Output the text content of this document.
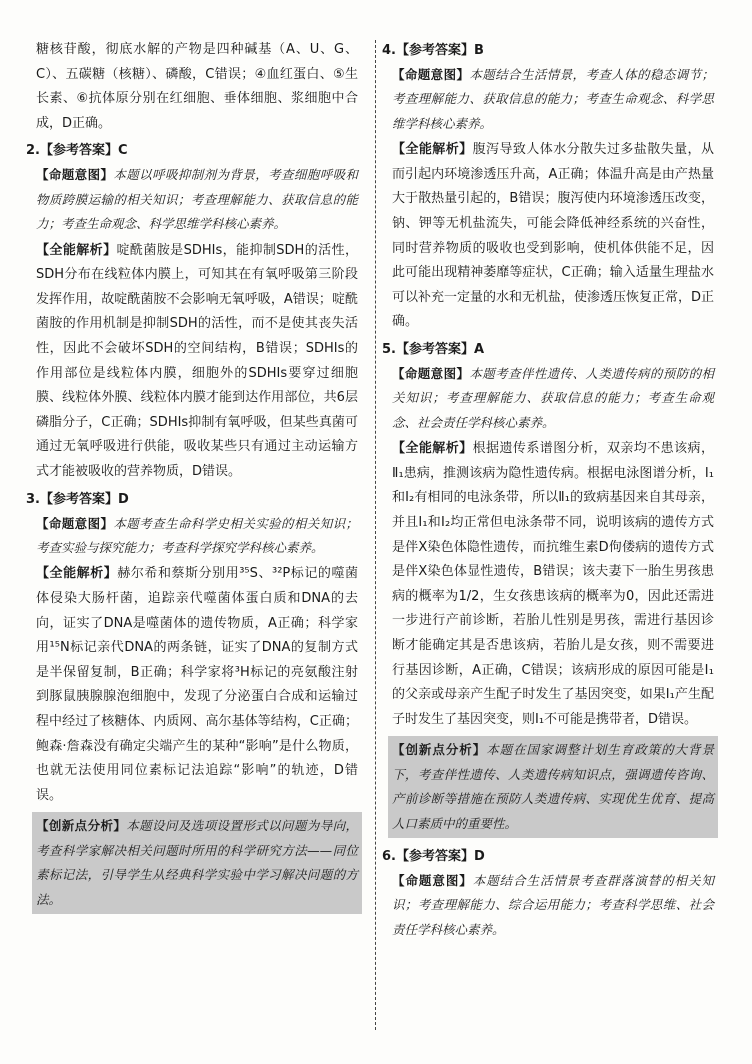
糖核苷酸，彻底水解的产物是四种碱基（A、U、G、C）、五碳糖（核糖）、磷酸，C错误；④血红蛋白、⑤生长素、⑥抗体原分别在红细胞、垂体细胞、浆细胞中合成，D正确。

2.【参考答案】C

【命题意图】本题以呼吸抑制剂为背景，考查细胞呼吸和物质跨膜运输的相关知识；考查理解能力、获取信息的能力；考查生命观念、科学思维学科核心素养。

【全能解析】啶酰菌胺是SDHIs，能抑制SDH的活性，SDH分布在线粒体内膜上，可知其在有氧呼吸第三阶段发挥作用，故啶酰菌胺不会影响无氧呼吸，A错误；啶酰菌胺的作用机制是抑制SDH的活性，而不是使其丧失活性，因此不会破坏SDH的空间结构，B错误；SDHIs的作用部位是线粒体内膜，细胞外的SDHIs要穿过细胞膜、线粒体外膜、线粒体内膜才能到达作用部位，共6层磷脂分子，C正确；SDHIs抑制有氧呼吸，但某些真菌可通过无氧呼吸进行供能，吸收某些只有通过主动运输方式才能被吸收的营养物质，D错误。

3.【参考答案】D

【命题意图】本题考查生命科学史相关实验的相关知识；考查实验与探究能力；考查科学探究学科核心素养。

【全能解析】赫尔希和蔡斯分别用³⁵S、³²P标记的噬菌体侵染大肠杆菌，追踪亲代噬菌体蛋白质和DNA的去向，证实了DNA是噬菌体的遗传物质，A正确；科学家用¹⁵N标记亲代DNA的两条链，证实了DNA的复制方式是半保留复制，B正确；科学家将³H标记的亮氨酸注射到豚鼠胰腺腺泡细胞中，发现了分泌蛋白合成和运输过程中经过了核糖体、内质网、高尔基体等结构，C正确；鲍森·詹森没有确定尖端产生的某种“影响”是什么物质，也就无法使用同位素标记法追踪“影响”的轨迹，D错误。

【创新点分析】本题设问及选项设置形式以问题为导向，考查科学家解决相关问题时所用的科学研究方法——同位素标记法，引导学生从经典科学实验中学习解决问题的方法。

4.【参考答案】B

【命题意图】本题结合生活情景，考查人体的稳态调节；考查理解能力、获取信息的能力；考查生命观念、科学思维学科核心素养。

【全能解析】腹泻导致人体水分散失过多盐散失量，从而引起内环境渗透压升高，A正确；体温升高是由产热量大于散热量引起的，B错误；腹泻使内环境渗透压改变，钠、钾等无机盐流失，可能会降低神经系统的兴奋性，同时营养物质的吸收也受到影响，使机体供能不足，因此可能出现精神萎靡等症状，C正确；输入适量生理盐水可以补充一定量的水和无机盐，使渗透压恢复正常，D正确。

5.【参考答案】A

【命题意图】本题考查伴性遗传、人类遗传病的预防的相关知识；考查理解能力、获取信息的能力；考查生命观念、社会责任学科核心素养。

【全能解析】根据遗传系谱图分析，双亲均不患该病，Ⅱ₁患病，推测该病为隐性遗传病。根据电泳图谱分析，Ⅰ₁和Ⅰ₂有相同的电泳条带，所以Ⅱ₁的致病基因来自其母亲，并且Ⅰ₁和Ⅰ₂均正常但电泳条带不同，说明该病的遗传方式是伴X染色体隐性遗传，而抗维生素D佝偻病的遗传方式是伴X染色体显性遗传，B错误；该夫妻下一胎生男孩患病的概率为1/2，生女孩患该病的概率为0，因此还需进一步进行产前诊断，若胎儿性别是男孩，需进行基因诊断才能确定其是否患该病，若胎儿是女孩，则不需要进行基因诊断，A正确，C错误；该病形成的原因可能是Ⅰ₁的父亲或母亲产生配子时发生了基因突变，如果Ⅰ₁产生配子时发生了基因突变，则Ⅰ₁不可能是携带者，D错误。

【创新点分析】本题在国家调整计划生育政策的大背景下，考查伴性遗传、人类遗传病知识点，强调遗传咨询、产前诊断等措施在预防人类遗传病、实现优生优育、提高人口素质中的重要性。

6.【参考答案】D

【命题意图】本题结合生活情景考查群落演替的相关知识；考查理解能力、综合运用能力；考查科学思维、社会责任学科核心素养。
